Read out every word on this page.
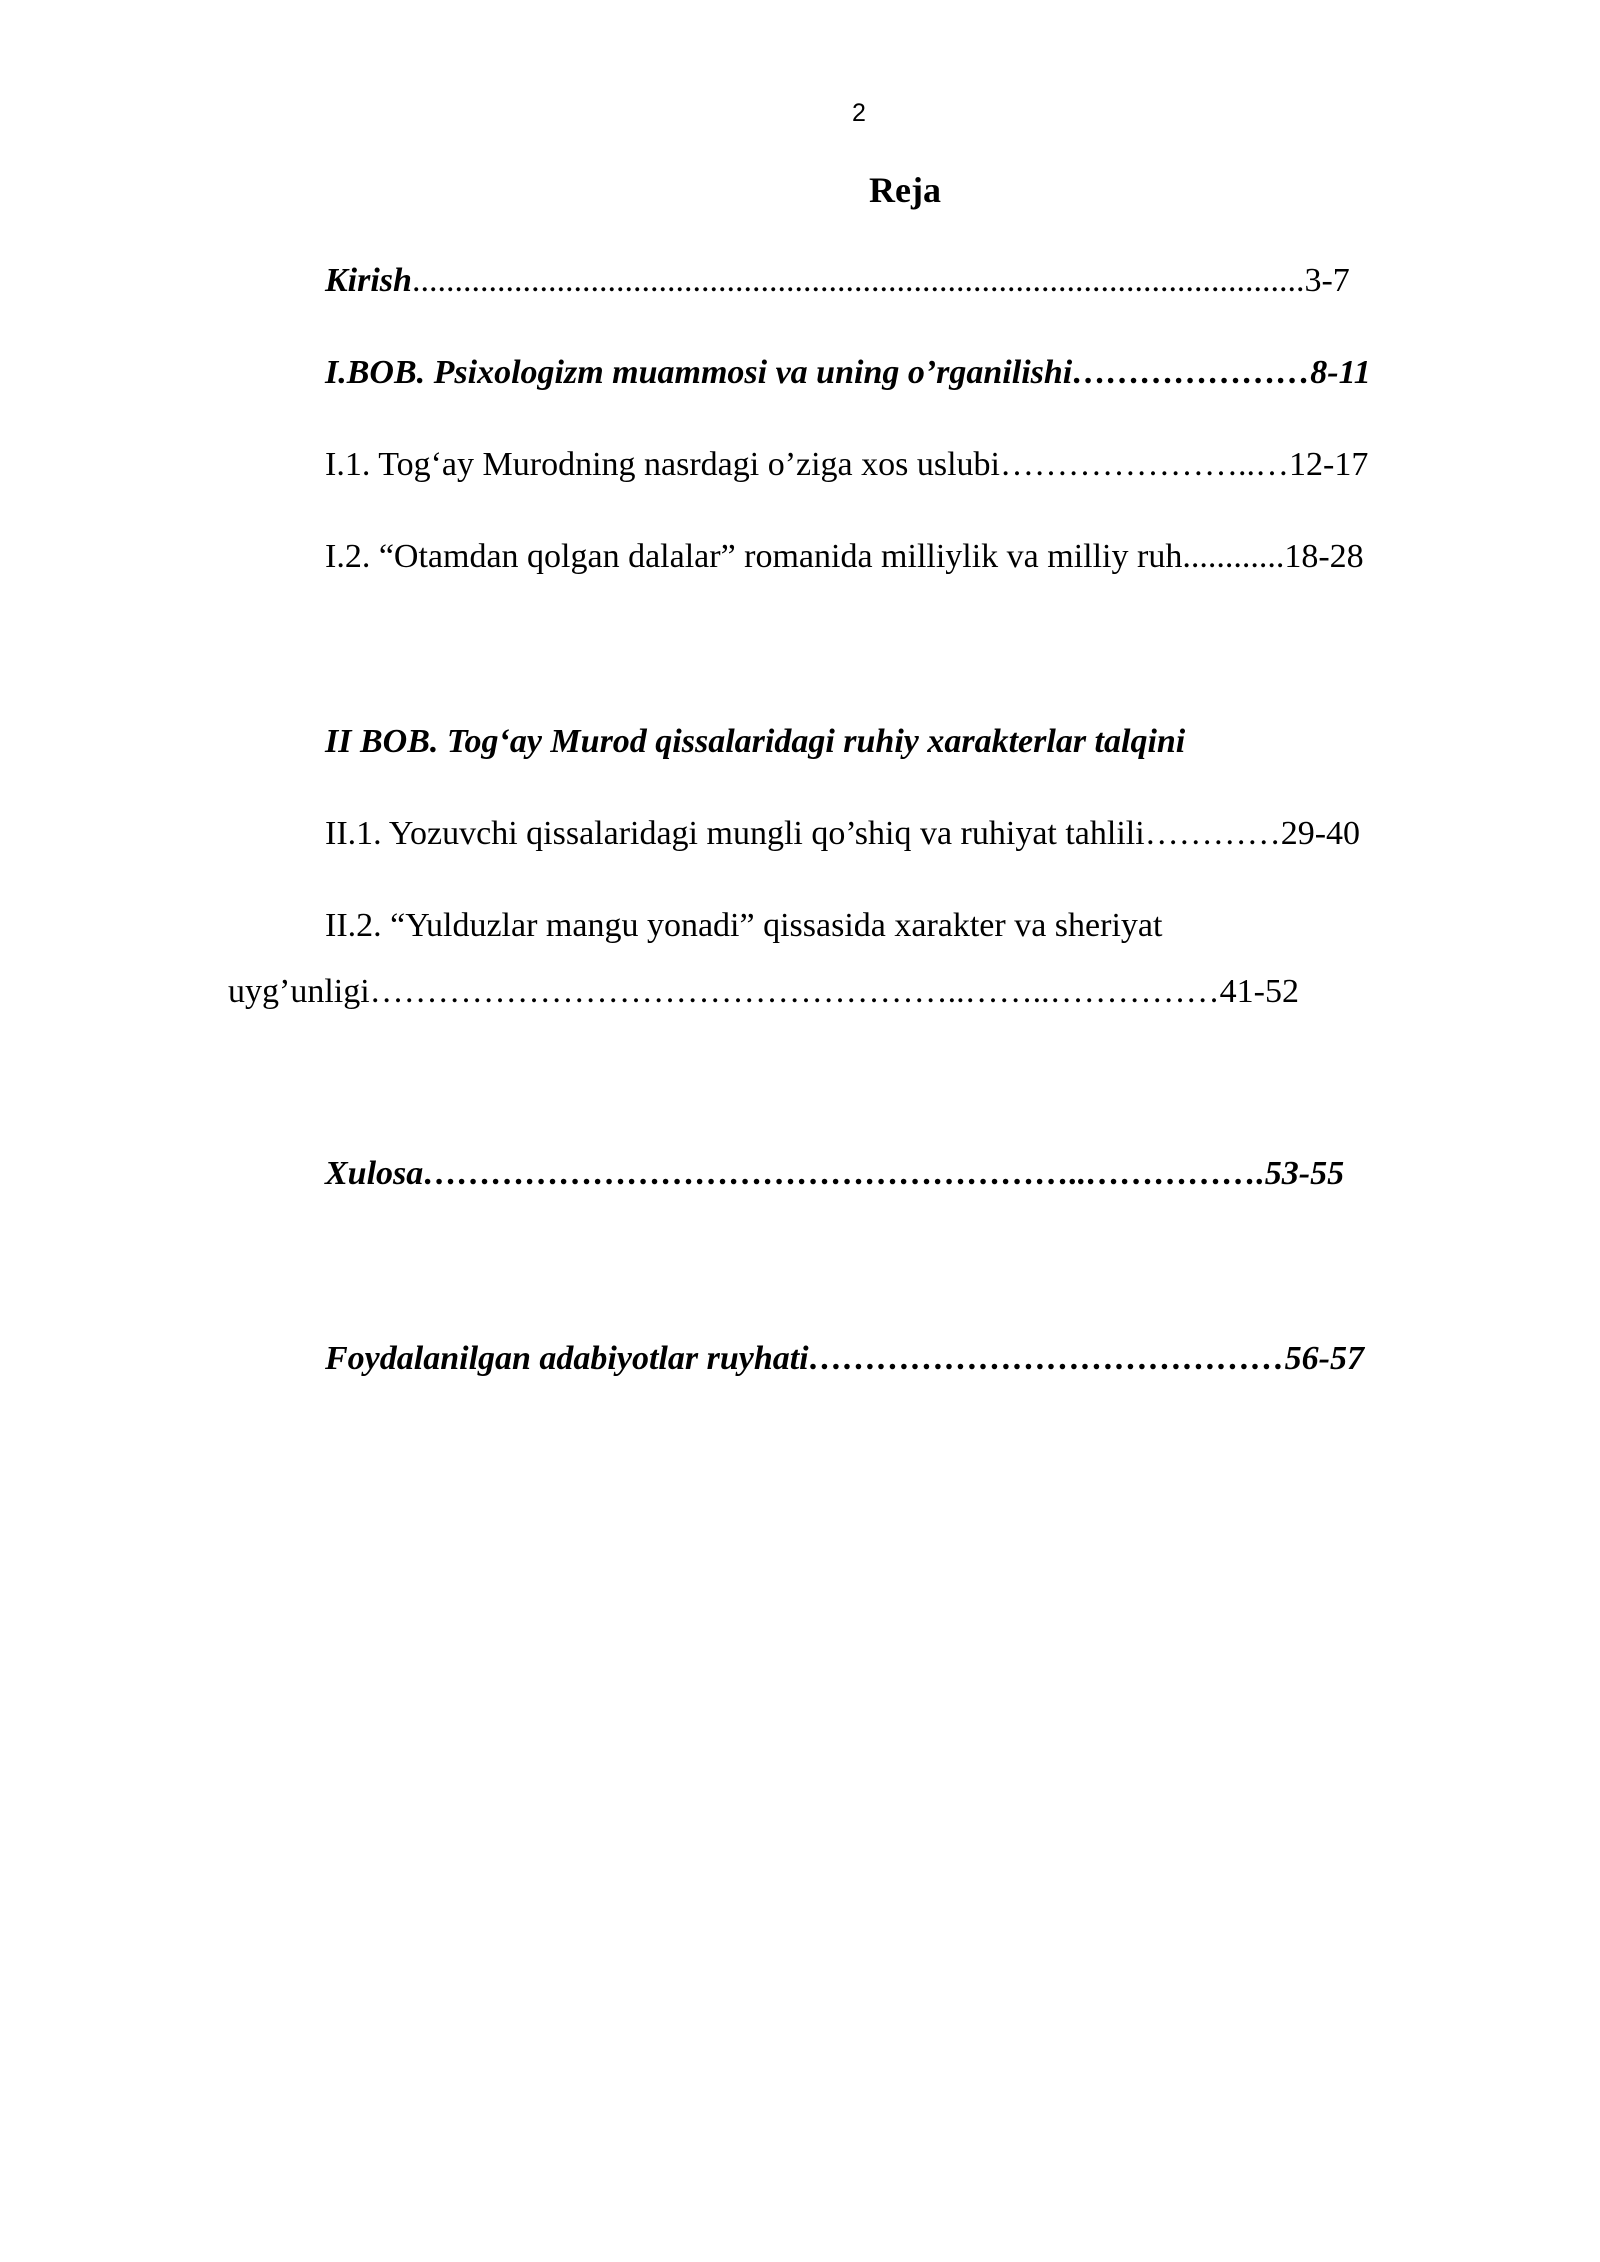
2
Reja
Kirish.........................................................................................................3-7
I.BOB. Psixologizm muammosi va uning o’rganilishi…………………8-11
I.1. Tog‘ay Murodning nasrdagi o’ziga xos uslubi…………………..…12-17
I.2. “Otamdan qolgan dalalar” romanida milliylik va milliy ruh............18-28
II BOB. Tog‘ay Murod qissalaridagi ruhiy xarakterlar talqini
II.1. Yozuvchi qissalaridagi mungli qo’shiq va ruhiyat tahlili…………29-40
II.2. “Yulduzlar mangu yonadi” qissasida xarakter va sheriyat
uyg’unligi……………………………………………..……..……………41-52
Xulosa…………………………………………………..…………….53-55
Foydalanilgan adabiyotlar ruyhati……………………………………56-57
